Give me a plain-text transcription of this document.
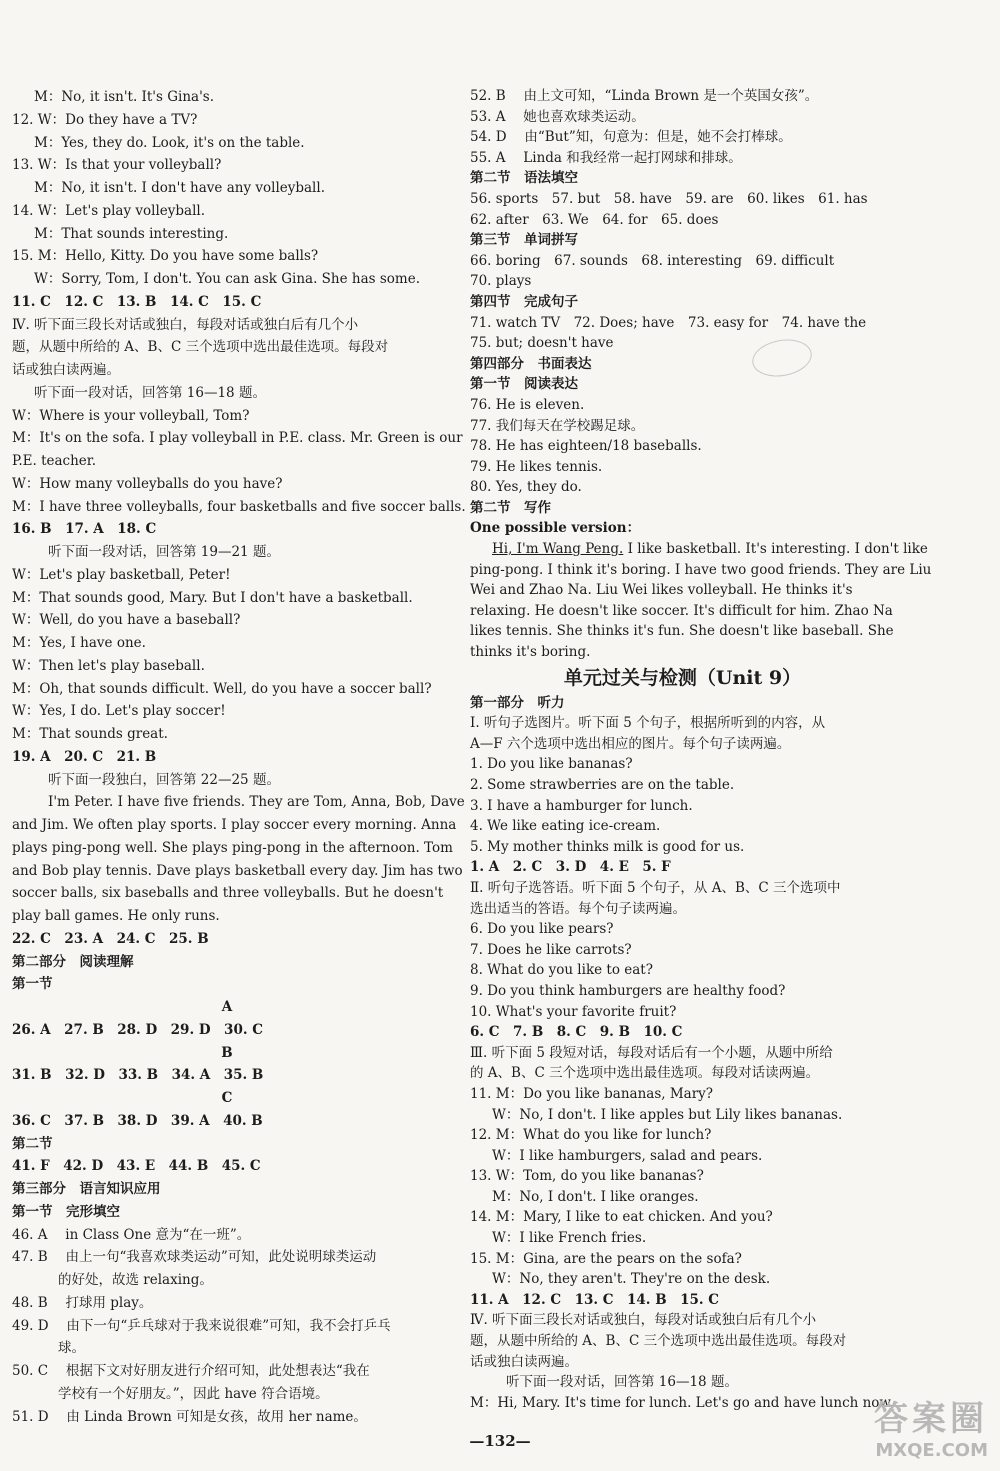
M：No, it isn't. It's Gina's.
12. W：Do they have a TV?
M：Yes, they do. Look, it's on the table.
13. W：Is that your volleyball?
M：No, it isn't. I don't have any volleyball.
14. W：Let's play volleyball.
M：That sounds interesting.
15. M：Hello, Kitty. Do you have some balls?
W：Sorry, Tom, I don't. You can ask Gina. She has some.
11. C　12. C　13. B　14. C　15. C
Ⅳ. 听下面三段长对话或独白，每段对话或独白后有几个小
题，从题中所给的 A、B、C 三个选项中选出最佳选项。每段对
话或独白读两遍。
听下面一段对话，回答第 16—18 题。
W：Where is your volleyball, Tom?
M：It's on the sofa. I play volleyball in P.E. class. Mr. Green is our
P.E. teacher.
W：How many volleyballs do you have?
M：I have three volleyballs, four basketballs and five soccer balls.
16. B　17. A　18. C
听下面一段对话，回答第 19—21 题。
W：Let's play basketball, Peter!
M：That sounds good, Mary. But I don't have a basketball.
W：Well, do you have a baseball?
M：Yes, I have one.
W：Then let's play baseball.
M：Oh, that sounds difficult. Well, do you have a soccer ball?
W：Yes, I do. Let's play soccer!
M：That sounds great.
19. A　20. C　21. B
听下面一段独白，回答第 22—25 题。
I'm Peter. I have five friends. They are Tom, Anna, Bob, Dave
and Jim. We often play sports. I play soccer every morning. Anna
plays ping-pong well. She plays ping-pong in the afternoon. Tom
and Bob play tennis. Dave plays basketball every day. Jim has two
soccer balls, six baseballs and three volleyballs. But he doesn't
play ball games. He only runs.
22. C　23. A　24. C　25. B
第二部分　阅读理解
第一节
A
26. A　27. B　28. D　29. D　30. C
B
31. B　32. D　33. B　34. A　35. B
C
36. C　37. B　38. D　39. A　40. B
第二节
41. F　42. D　43. E　44. B　45. C
第三部分　语言知识应用
第一节　完形填空
46. A　 in Class One 意为“在一班”。
47. B　 由上一句“我喜欢球类运动”可知，此处说明球类运动
的好处，故选 relaxing。
48. B　 打球用 play。
49. D　 由下一句“乒乓球对于我来说很难”可知，我不会打乒乓
球。
50. C　 根据下文对好朋友进行介绍可知，此处想表达“我在
学校有一个好朋友。”，因此 have 符合语境。
51. D　 由 Linda Brown 可知是女孩，故用 her name。
52. B　 由上文可知，“Linda Brown 是一个英国女孩”。
53. A　 她也喜欢球类运动。
54. D　 由“But”知，句意为：但是，她不会打棒球。
55. A　 Linda 和我经常一起打网球和排球。
第二节　语法填空
56. sports　57. but　58. have　59. are　60. likes　61. has
62. after　63. We　64. for　65. does
第三节　单词拼写
66. boring　67. sounds　68. interesting　69. difficult
70. plays
第四节　完成句子
71. watch TV　72. Does; have　73. easy for　74. have the
75. but; doesn't have
第四部分　书面表达
第一节　阅读表达
76. He is eleven.
77. 我们每天在学校踢足球。
78. He has eighteen/18 baseballs.
79. He likes tennis.
80. Yes, they do.
第二节　写作
One possible version：
Hi, I'm Wang Peng. I like basketball. It's interesting. I don't like
ping-pong. I think it's boring. I have two good friends. They are Liu
Wei and Zhao Na. Liu Wei likes volleyball. He thinks it's
relaxing. He doesn't like soccer. It's difficult for him. Zhao Na
likes tennis. She thinks it's fun. She doesn't like baseball. She
thinks it's boring.
单元过关与检测（Unit 9）
第一部分　听力
Ⅰ. 听句子选图片。听下面 5 个句子，根据所听到的内容，从
A—F 六个选项中选出相应的图片。每个句子读两遍。
1. Do you like bananas?
2. Some strawberries are on the table.
3. I have a hamburger for lunch.
4. We like eating ice-cream.
5. My mother thinks milk is good for us.
1. A　2. C　3. D　4. E　5. F
Ⅱ. 听句子选答语。听下面 5 个句子，从 A、B、C 三个选项中
选出适当的答语。每个句子读两遍。
6. Do you like pears?
7. Does he like carrots?
8. What do you like to eat?
9. Do you think hamburgers are healthy food?
10. What's your favorite fruit?
6. C　7. B　8. C　9. B　10. C
Ⅲ. 听下面 5 段短对话，每段对话后有一个小题，从题中所给
的 A、B、C 三个选项中选出最佳选项。每段对话读两遍。
11. M：Do you like bananas, Mary?
W：No, I don't. I like apples but Lily likes bananas.
12. M：What do you like for lunch?
W：I like hamburgers, salad and pears.
13. W：Tom, do you like bananas?
M：No, I don't. I like oranges.
14. M：Mary, I like to eat chicken. And you?
W：I like French fries.
15. M：Gina, are the pears on the sofa?
W：No, they aren't. They're on the desk.
11. A　12. C　13. C　14. B　15. C
Ⅳ. 听下面三段长对话或独白，每段对话或独白后有几个小
题，从题中所给的 A、B、C 三个选项中选出最佳选项。每段对
话或独白读两遍。
听下面一段对话，回答第 16—18 题。
M：Hi, Mary. It's time for lunch. Let's go and have lunch now.
—132—
答案圈
MXQE.COM
